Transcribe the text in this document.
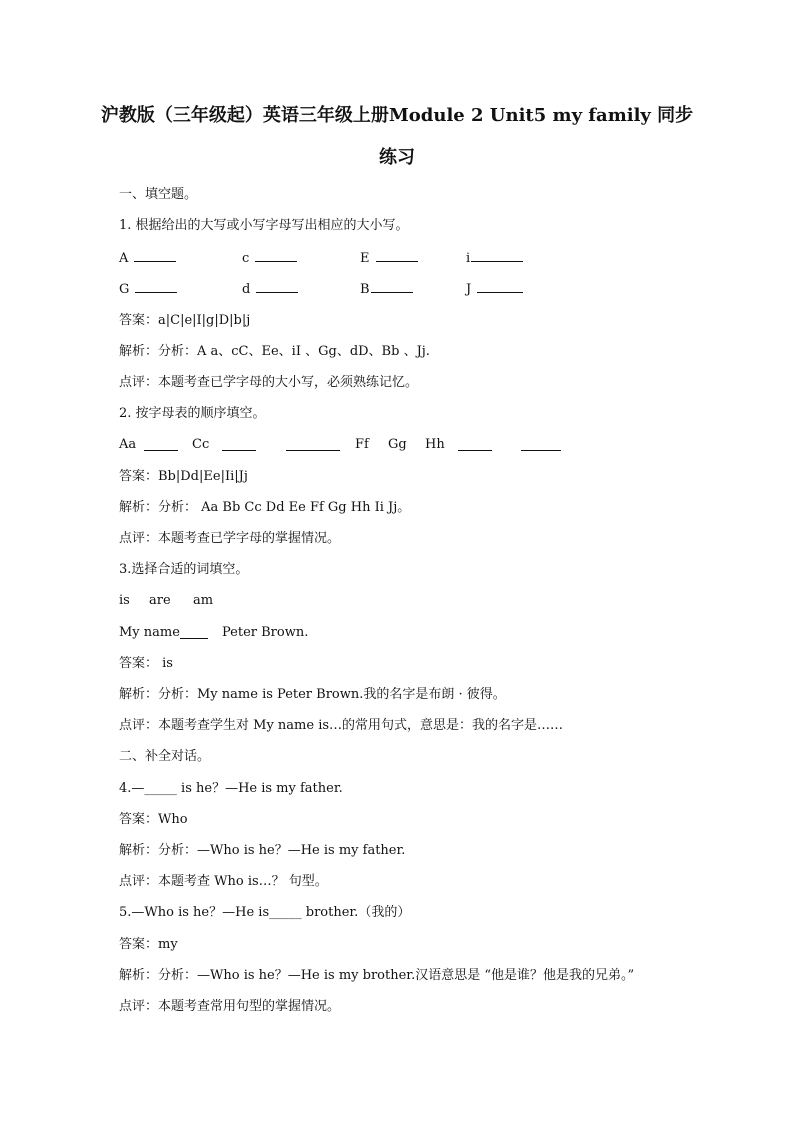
沪教版（三年级起）英语三年级上册Module 2 Unit5 my family 同步
练习
一、填空题。
1. 根据给出的大写或小写字母写出相应的大小写。
A	c	E	i
G	d	B	J
答案：a|C|e|I|g|D|b|j
解析：分析：A a、cC、Ee、iI 、Gg、dD、Bb 、Jj.
点评：本题考查已学字母的大小写，必须熟练记忆。
2. 按字母表的顺序填空。
Aa	Cc	Ff Gg Hh
答案：Bb|Dd|Ee|Ii|Jj
解析：分析： Aa Bb Cc Dd Ee Ff Gg Hh Ii Jj。
点评：本题考查已学字母的掌握情况。
3.选择合适的词填空。
is are am
My name	Peter Brown.
答案： is
解析：分析：My name is Peter Brown.我的名字是布朗 · 彼得。
点评：本题考查学生对 My name is…的常用句式，意思是：我的名字是……
二、补全对话。
4.—_____ is he？—He is my father.
答案：Who
解析：分析：—Who is he？—He is my father.
点评：本题考查 Who is…？ 句型。
5.—Who is he？—He is_____ brother.（我的）
答案：my
解析：分析：—Who is he？—He is my brother.汉语意思是 “他是谁？他是我的兄弟。”
点评：本题考查常用句型的掌握情况。
